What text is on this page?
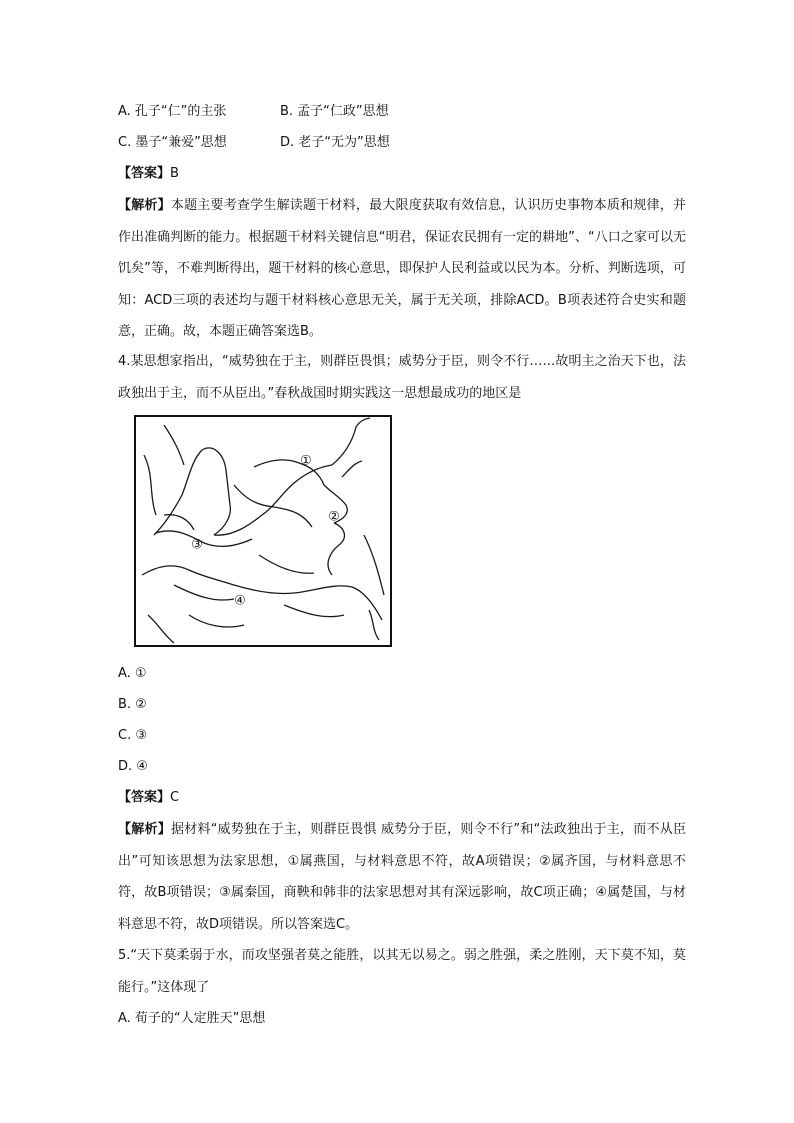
A. 孔子“仁”的主张	B. 孟子“仁政”思想
C. 墨子“兼爱”思想	D. 老子“无为”思想
【答案】B
【解析】本题主要考查学生解读题干材料，最大限度获取有效信息，认识历史事物本质和规律，并作出准确判断的能力。根据题干材料关键信息“明君，保证农民拥有一定的耕地”、“八口之家可以无饥矣”等，不难判断得出，题干材料的核心意思，即保护人民利益或以民为本。分析、判断选项，可知：ACD三项的表述均与题干材料核心意思无关，属于无关项，排除ACD。B项表述符合史实和题意，正确。故，本题正确答案选B。
4.某思想家指出，“威势独在于主，则群臣畏惧；威势分于臣，则令不行……故明主之治天下也，法政独出于主，而不从臣出。”春秋战国时期实践这一思想最成功的地区是
①
②
③
④
A. ①
B. ②
C. ③
D. ④
【答案】C
【解析】据材料“威势独在于主，则群臣畏惧 威势分于臣，则令不行”和“法政独出于主，而不从臣出”可知该思想为法家思想，①属燕国，与材料意思不符，故A项错误；②属齐国，与材料意思不符，故B项错误；③属秦国，商鞅和韩非的法家思想对其有深远影响，故C项正确；④属楚国，与材料意思不符，故D项错误。所以答案选C。
5.“天下莫柔弱于水，而攻坚强者莫之能胜，以其无以易之。弱之胜强，柔之胜刚，天下莫不知，莫能行。”这体现了
A. 荀子的“人定胜天”思想
